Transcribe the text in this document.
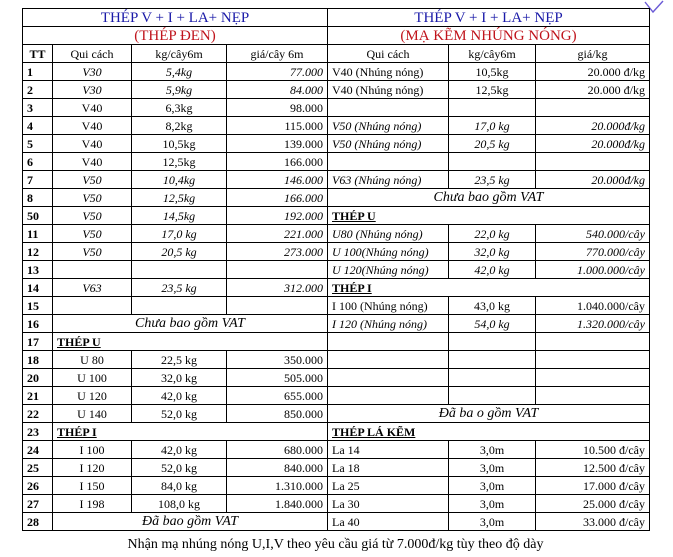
THÉP V + I + LA+ NẸP				THÉP V + I + LA+ NẸP		
(THÉP ĐEN)				(MẠ KẼM NHÚNG NÓNG)		
TT	Qui cách	kg/cây6m	giá/cây 6m	Qui cách	kg/cây6m	giá/kg
1	V30	5,4kg	77.000	V40 (Nhúng nóng)	10,5kg	20.000 đ/kg
2	V30	5,9kg	84.000	V40 (Nhúng nóng)	12,5kg	20.000 đ/kg
3	V40	6,3kg	98.000			
4	V40	8,2kg	115.000	V50 (Nhúng nóng)	17,0 kg	20.000đ/kg
5	V40	10,5kg	139.000	V50 (Nhúng nóng)	20,5 kg	20.000đ/kg
6	V40	12,5kg	166.000			
7	V50	10,4kg	146.000	V63 (Nhúng nóng)	23,5 kg	20.000đ/kg
8	V50	12,5kg	166.000	Chưa bao gồm VAT		
50	V50	14,5kg	192.000	THÉP U		
11	V50	17,0 kg	221.000	U80 (Nhúng nóng)	22,0 kg	540.000/cây
12	V50	20,5 kg	273.000	U 100(Nhúng nóng)	32,0 kg	770.000/cây
13				U 120(Nhúng nóng)	42,0 kg	1.000.000/cây
14	V63	23,5 kg	312.000	THÉP I		
15				I 100 (Nhúng nóng)	43,0 kg	1.040.000/cây
16	Chưa bao gồm VAT			I 120 (Nhúng nóng)	54,0 kg	1.320.000/cây
17	THÉP U					
18	U 80	22,5 kg	350.000			
20	U 100	32,0 kg	505.000			
21	U 120	42,0 kg	655.000			
22	U 140	52,0 kg	850.000	Đã ba o gồm VAT		
23	THÉP I			THÉP LÁ KẼM		
24	I 100	42,0 kg	680.000	La 14	3,0m	10.500 đ/cây
25	I 120	52,0 kg	840.000	La 18	3,0m	12.500 đ/cây
26	I 150	84,0 kg	1.310.000	La 25	3,0m	17.000 đ/cây
27	I 198	108,0 kg	1.840.000	La 30	3,0m	25.000 đ/cây
28	Đã bao gồm VAT			La 40	3,0m	33.000 đ/cây
Nhận mạ nhúng nóng U,I,V theo yêu cầu giá từ 7.000đ/kg tùy theo độ dày
